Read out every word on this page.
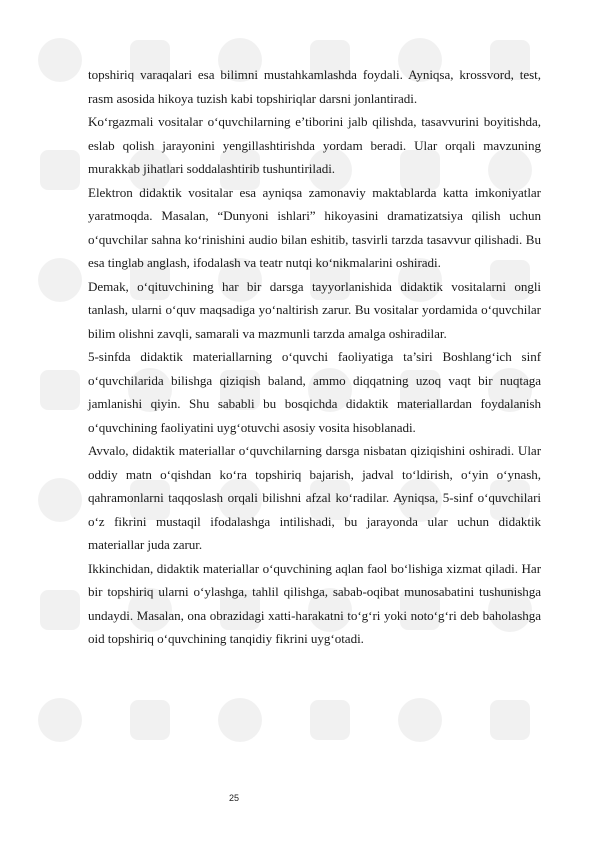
topshiriq varaqalari esa bilimni mustahkamlashda foydali. Ayniqsa, krossvord, test, rasm asosida hikoya tuzish kabi topshiriqlar darsni jonlantiradi.

Ko‘rgazmali vositalar o‘quvchilarning e’tiborini jalb qilishda, tasavvurini boyitishda, eslab qolish jarayonini yengillashtirishda yordam beradi. Ular orqali mavzuning murakkab jihatlari soddalashtirib tushuntiriladi.

Elektron didaktik vositalar esa ayniqsa zamonaviy maktablarda katta imkoniyatlar yaratmoqda. Masalan, “Dunyoni ishlari” hikoyasini dramatizatsiya qilish uchun o‘quvchilar sahna ko‘rinishini audio bilan eshitib, tasvirli tarzda tasavvur qilishadi. Bu esa tinglab anglash, ifodalash va teatr nutqi ko‘nikmalarini oshiradi.

Demak, o‘qituvchining har bir darsga tayyorlanishida didaktik vositalarni ongli tanlash, ularni o‘quv maqsadiga yo‘naltirish zarur. Bu vositalar yordamida o‘quvchilar bilim olishni zavqli, samarali va mazmunli tarzda amalga oshiradilar.

5-sinfda didaktik materiallarning o‘quvchi faoliyatiga ta’siri Boshlang‘ich sinf o‘quvchilarida bilishga qiziqish baland, ammo diqqatning uzoq vaqt bir nuqtaga jamlanishi qiyin. Shu sababli bu bosqichda didaktik materiallardan foydalanish o‘quvchining faoliyatini uyg‘otuvchi asosiy vosita hisoblanadi.

Avvalo, didaktik materiallar o‘quvchilarning darsga nisbatan qiziqishini oshiradi. Ular oddiy matn o‘qishdan ko‘ra topshiriq bajarish, jadval to‘ldirish, o‘yin o‘ynash, qahramonlarni taqqoslash orqali bilishni afzal ko‘radilar. Ayniqsa, 5-sinf o‘quvchilari o‘z fikrini mustaqil ifodalashga intilishadi, bu jarayonda ular uchun didaktik materiallar juda zarur.

Ikkinchidan, didaktik materiallar o‘quvchining aqlan faol bo‘lishiga xizmat qiladi. Har bir topshiriq ularni o‘ylashga, tahlil qilishga, sabab-oqibat munosabatini tushunishga undaydi. Masalan, ona obrazidagi xatti-harakatni to‘g‘ri yoki noto‘g‘ri deb baholashga oid topshiriq o‘quvchining tanqidiy fikrini uyg‘otadi.

25
